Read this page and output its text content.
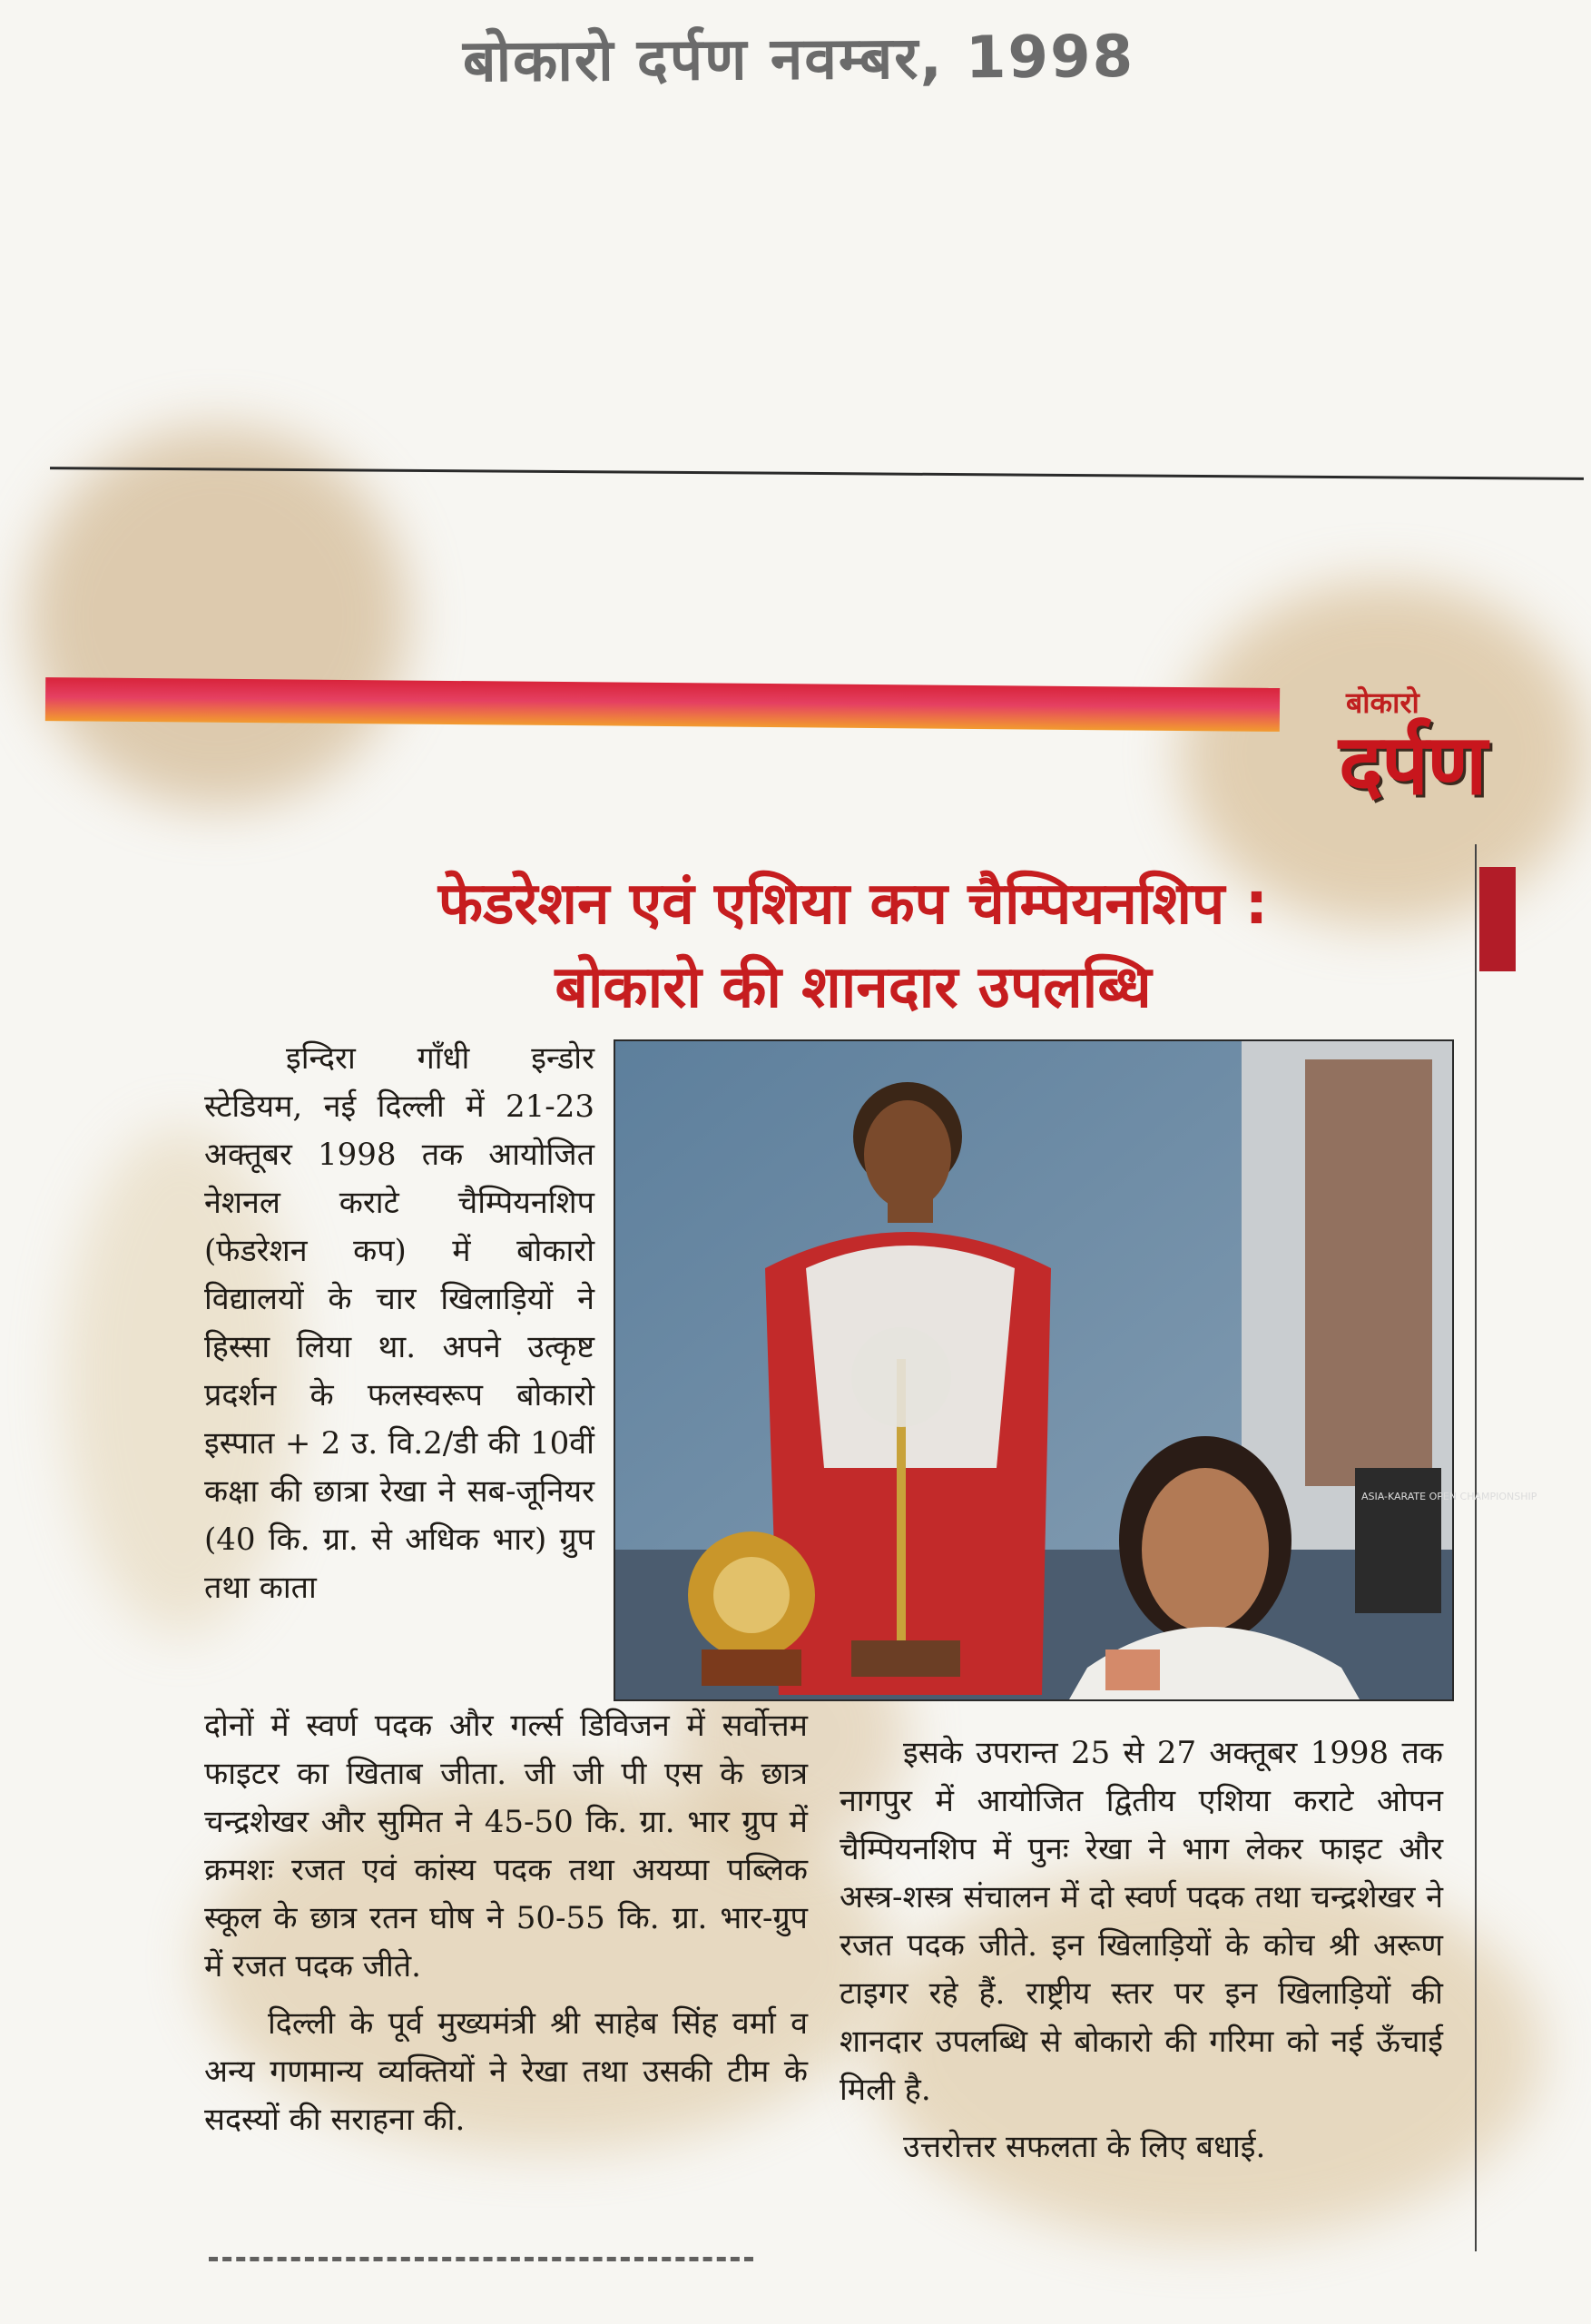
बोकारो दर्पण नवम्बर, 1998
बोकारो
दर्पण
फेडरेशन एवं एशिया कप चैम्पियनशिप :
बोकारो की शानदार उपलब्धि
ASIA-KARATE OPEN CHAMPIONSHIP

इन्दिरा गाँधी इन्डोर स्टेडियम, नई दिल्ली में 21-23 अक्तूबर 1998 तक आयोजित नेशनल कराटे चैम्पियनशिप (फेडरेशन कप) में बोकारो विद्यालयों के चार खिलाड़ियों ने हिस्सा लिया था. अपने उत्कृष्ट प्रदर्शन के फलस्वरूप बोकारो इस्पात + 2 उ. वि.2/डी की 10वीं कक्षा की छात्रा रेखा ने सब-जूनियर (40 कि. ग्रा. से अधिक भार) ग्रुप तथा काता

दोनों में स्वर्ण पदक और गर्ल्स डिविजन में सर्वोत्तम फाइटर का खिताब जीता. जी जी पी एस के छात्र चन्द्रशेखर और सुमित ने 45-50 कि. ग्रा. भार ग्रुप में क्रमशः रजत एवं कांस्य पदक तथा अयय्पा पब्लिक स्कूल के छात्र रतन घोष ने 50-55 कि. ग्रा. भार-ग्रुप में रजत पदक जीते.

दिल्ली के पूर्व मुख्यमंत्री श्री साहेब सिंह वर्मा व अन्य गणमान्य व्यक्तियों ने रेखा तथा उसकी टीम के सदस्यों की सराहना की.

इसके उपरान्त 25 से 27 अक्तूबर 1998 तक नागपुर में आयोजित द्वितीय एशिया कराटे ओपन चैम्पियनशिप में पुनः रेखा ने भाग लेकर फाइट और अस्त्र-शस्त्र संचालन में दो स्वर्ण पदक तथा चन्द्रशेखर ने रजत पदक जीते. इन खिलाड़ियों के कोच श्री अरूण टाइगर रहे हैं. राष्ट्रीय स्तर पर इन खिलाड़ियों की शानदार उपलब्धि से बोकारो की गरिमा को नई ऊँचाई मिली है.

उत्तरोत्तर सफलता के लिए बधाई.
